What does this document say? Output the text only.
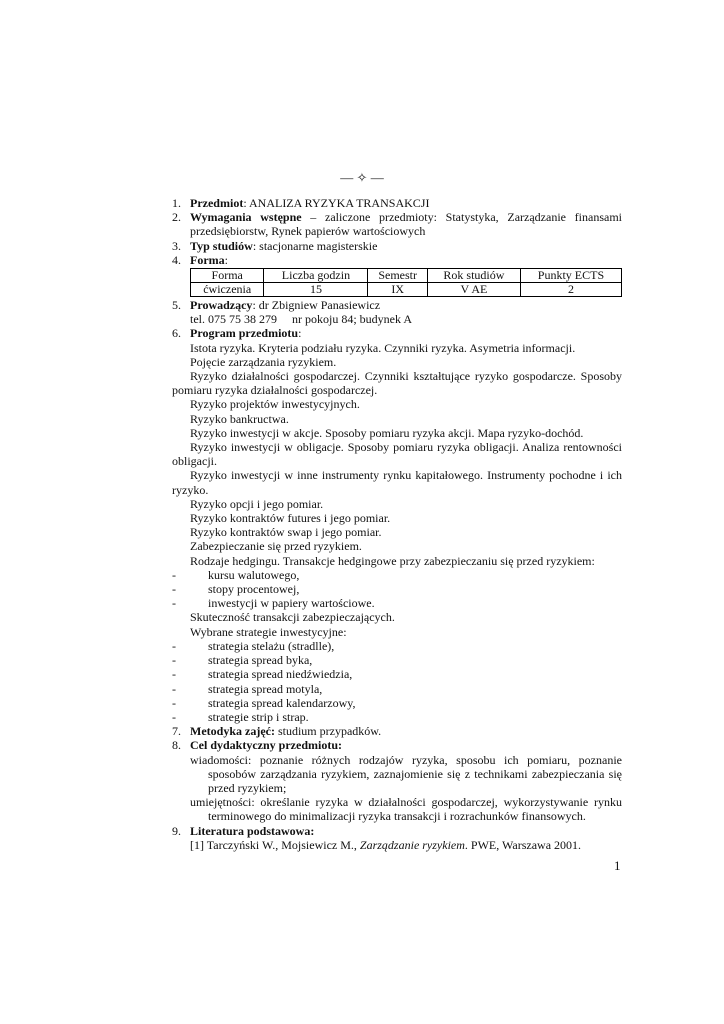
— ✧ —
1. Przedmiot: ANALIZA RYZYKA TRANSAKCJI
2. Wymagania wstępne – zaliczone przedmioty: Statystyka, Zarządzanie finansami przedsiębiorstw, Rynek papierów wartościowych
3. Typ studiów: stacjonarne magisterskie
4. Forma:
Forma	Liczba godzin	Semestr	Rok studiów	Punkty ECTS
ćwiczenia	15	IX	V AE	2
5. Prowadzący: dr Zbigniew Panasiewicz
tel. 075 75 38 279     nr pokoju 84; budynek A
6. Program przedmiotu:
Istota ryzyka. Kryteria podziału ryzyka. Czynniki ryzyka. Asymetria informacji.
Pojęcie zarządzania ryzykiem.
Ryzyko działalności gospodarczej. Czynniki kształtujące ryzyko gospodarcze. Sposoby pomiaru ryzyka działalności gospodarczej.
Ryzyko projektów inwestycyjnych.
Ryzyko bankructwa.
Ryzyko inwestycji w akcje. Sposoby pomiaru ryzyka akcji. Mapa ryzyko-dochód.
Ryzyko inwestycji w obligacje. Sposoby pomiaru ryzyka obligacji. Analiza rentowności obligacji.
Ryzyko inwestycji w inne instrumenty rynku kapitałowego. Instrumenty pochodne i ich ryzyko.
Ryzyko opcji i jego pomiar.
Ryzyko kontraktów futures i jego pomiar.
Ryzyko kontraktów swap i jego pomiar.
Zabezpieczanie się przed ryzykiem.
Rodzaje hedgingu. Transakcje hedgingowe przy zabezpieczaniu się przed ryzykiem:
-	kursu walutowego,
-	stopy procentowej,
-	inwestycji w papiery wartościowe.
Skuteczność transakcji zabezpieczających.
Wybrane strategie inwestycyjne:
-	strategia stelażu (stradlle),
-	strategia spread byka,
-	strategia spread niedźwiedzia,
-	strategia spread motyla,
-	strategia spread kalendarzowy,
-	strategie strip i strap.
7. Metodyka zajęć: studium przypadków.
8. Cel dydaktyczny przedmiotu:
wiadomości: poznanie różnych rodzajów ryzyka, sposobu ich pomiaru, poznanie sposobów zarządzania ryzykiem, zaznajomienie się z technikami zabezpieczania się przed ryzykiem;
umiejętności: określanie ryzyka w działalności gospodarczej, wykorzystywanie rynku terminowego do minimalizacji ryzyka transakcji i rozrachunków finansowych.
9. Literatura podstawowa:
[1] Tarczyński W., Mojsiewicz M., Zarządzanie ryzykiem. PWE, Warszawa 2001.
1
